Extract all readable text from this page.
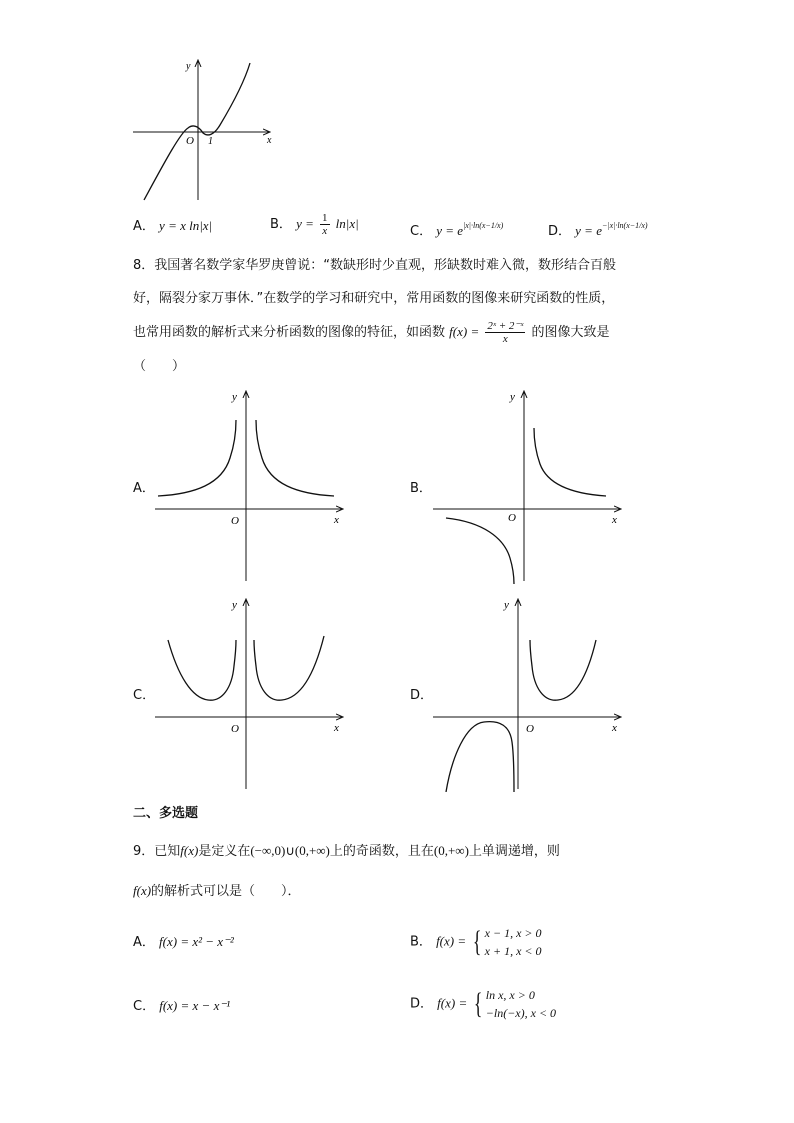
y
x
O 1
A． y = x ln|x|	B． $y = \frac{1}{x} \ln|x|$
C． $y = e^{|x|\cdot ln(x-1/x)}$	D． $y = e^{-|x|\cdot ln(x-1/x)}$
8．我国著名数学家华罗庚曾说：“数缺形时少直观，形缺数时难入微，数形结合百般
好，隔裂分家万事休．”在数学的学习和研究中，常用函数的图像来研究函数的性质，
也常用函数的解析式来分析函数的图像的特征，如函数 $f(x) = \frac{\text{2ˣ + 2⁻ˣ}}{x}$ 的图像大致是
（　　）
A．
y
x
O
B．
y
x
O
C．
y
x
O
D．
y
x
O
二、多选题
9．已知f(x)是定义在(−∞,0)∪(0,+∞)上的奇函数，且在(0,+∞)上单调递增，则
f(x)的解析式可以是（　　）．
A． f(x) = x² − x⁻²	B． f(x) = { x − 1, x > 0
x + 1, x < 0
C． f(x) = x − x⁻¹	D． f(x) = { ln x, x > 0
−ln(−x), x < 0
